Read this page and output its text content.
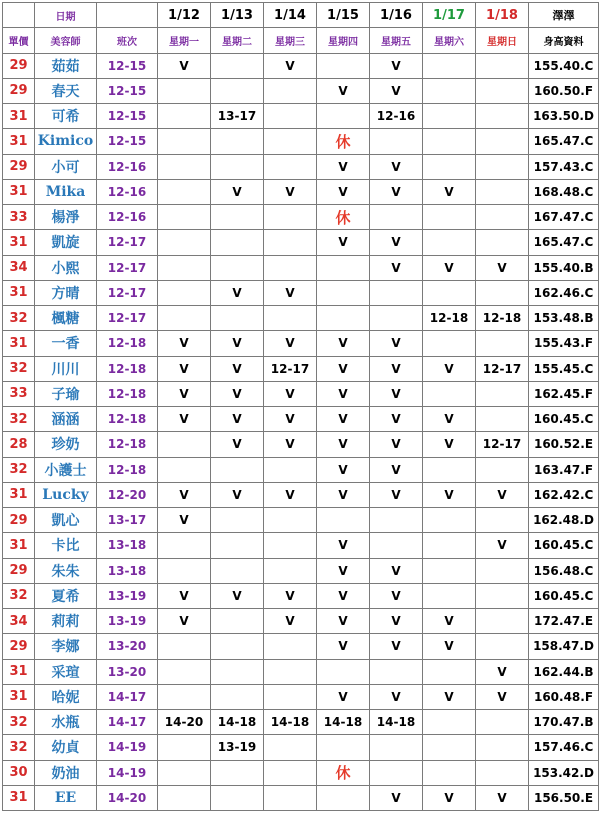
	日期		1/12	1/13	1/14	1/15	1/16	1/17	1/18	澤澤
單價	美容師	班次	星期一	星期二	星期三	星期四	星期五	星期六	星期日	身高資料
29	茹茹	12-15	V		V		V			155.40.C
29	春天	12-15				V	V			160.50.F
31	可希	12-15		13-17			12-16			163.50.D
31	Kimico	12-15				休				165.47.C
29	小可	12-16				V	V			157.43.C
31	Mika	12-16		V	V	V	V	V		168.48.C
33	楊淨	12-16				休				167.47.C
31	凱旋	12-17				V	V			165.47.C
34	小熙	12-17					V	V	V	155.40.B
31	方晴	12-17		V	V					162.46.C
32	楓糖	12-17						12-18	12-18	153.48.B
31	一香	12-18	V	V	V	V	V			155.43.F
32	川川	12-18	V	V	12-17	V	V	V	12-17	155.45.C
33	子瑜	12-18	V	V	V	V	V			162.45.F
32	涵涵	12-18	V	V	V	V	V	V		160.45.C
28	珍奶	12-18		V	V	V	V	V	12-17	160.52.E
32	小護士	12-18				V	V			163.47.F
31	Lucky	12-20	V	V	V	V	V	V	V	162.42.C
29	凱心	13-17	V							162.48.D
31	卡比	13-18				V			V	160.45.C
29	朱朱	13-18				V	V			156.48.C
32	夏希	13-19	V	V	V	V	V			160.45.C
34	莉莉	13-19	V		V	V	V	V		172.47.E
29	李娜	13-20				V	V	V		158.47.D
31	采瑄	13-20							V	162.44.B
31	哈妮	14-17				V	V	V	V	160.48.F
32	水瓶	14-17	14-20	14-18	14-18	14-18	14-18			170.47.B
32	幼貞	14-19		13-19						157.46.C
30	奶油	14-19				休				153.42.D
31	EE	14-20					V	V	V	156.50.E
